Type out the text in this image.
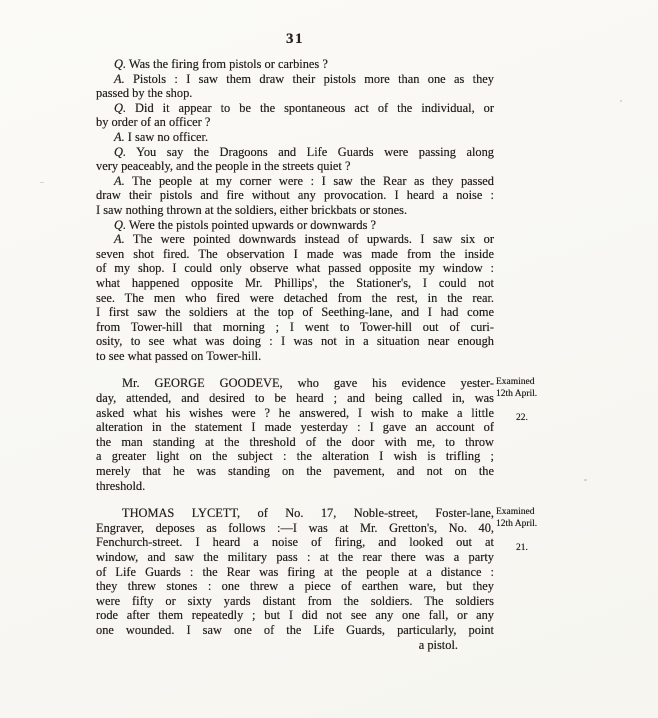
31
Q. Was the firing from pistols or carbines ?
A. Pistols : I saw them draw their pistols more than one as they
passed by the shop.
Q. Did it appear to be the spontaneous act of the individual, or
by order of an officer ?
A. I saw no officer.
Q. You say the Dragoons and Life Guards were passing along
very peaceably, and the people in the streets quiet ?
A. The people at my corner were : I saw the Rear as they passed
draw their pistols and fire without any provocation. I heard a noise :
I saw nothing thrown at the soldiers, either brickbats or stones.
Q. Were the pistols pointed upwards or downwards ?
A. The were pointed downwards instead of upwards. I saw six or
seven shot fired. The observation I made was made from the inside
of my shop. I could only observe what passed opposite my window :
what happened opposite Mr. Phillips', the Stationer's, I could not
see. The men who fired were detached from the rest, in the rear.
I first saw the soldiers at the top of Seething-lane, and I had come
from Tower-hill that morning ; I went to Tower-hill out of curi-
osity, to see what was doing : I was not in a situation near enough
to see what passed on Tower-hill.
Mr. GEORGE GOODEVE, who gave his evidence yester-
day, attended, and desired to be heard ; and being called in, was
asked what his wishes were ? he answered, I wish to make a little
alteration in the statement I made yesterday : I gave an account of
the man standing at the threshold of the door with me, to throw
a greater light on the subject : the alteration I wish is trifling ;
merely that he was standing on the pavement, and not on the
threshold.
Examined
12th April.
22.
THOMAS LYCETT, of No. 17, Noble-street, Foster-lane,
Engraver, deposes as follows :—I was at Mr. Gretton's, No. 40,
Fenchurch-street. I heard a noise of firing, and looked out at
window, and saw the military pass : at the rear there was a party
of Life Guards : the Rear was firing at the people at a distance :
they threw stones : one threw a piece of earthen ware, but they
were fifty or sixty yards distant from the soldiers. The soldiers
rode after them repeatedly ; but I did not see any one fall, or any
one wounded. I saw one of the Life Guards, particularly, point
a pistol.
Examined
12th April.
21.
